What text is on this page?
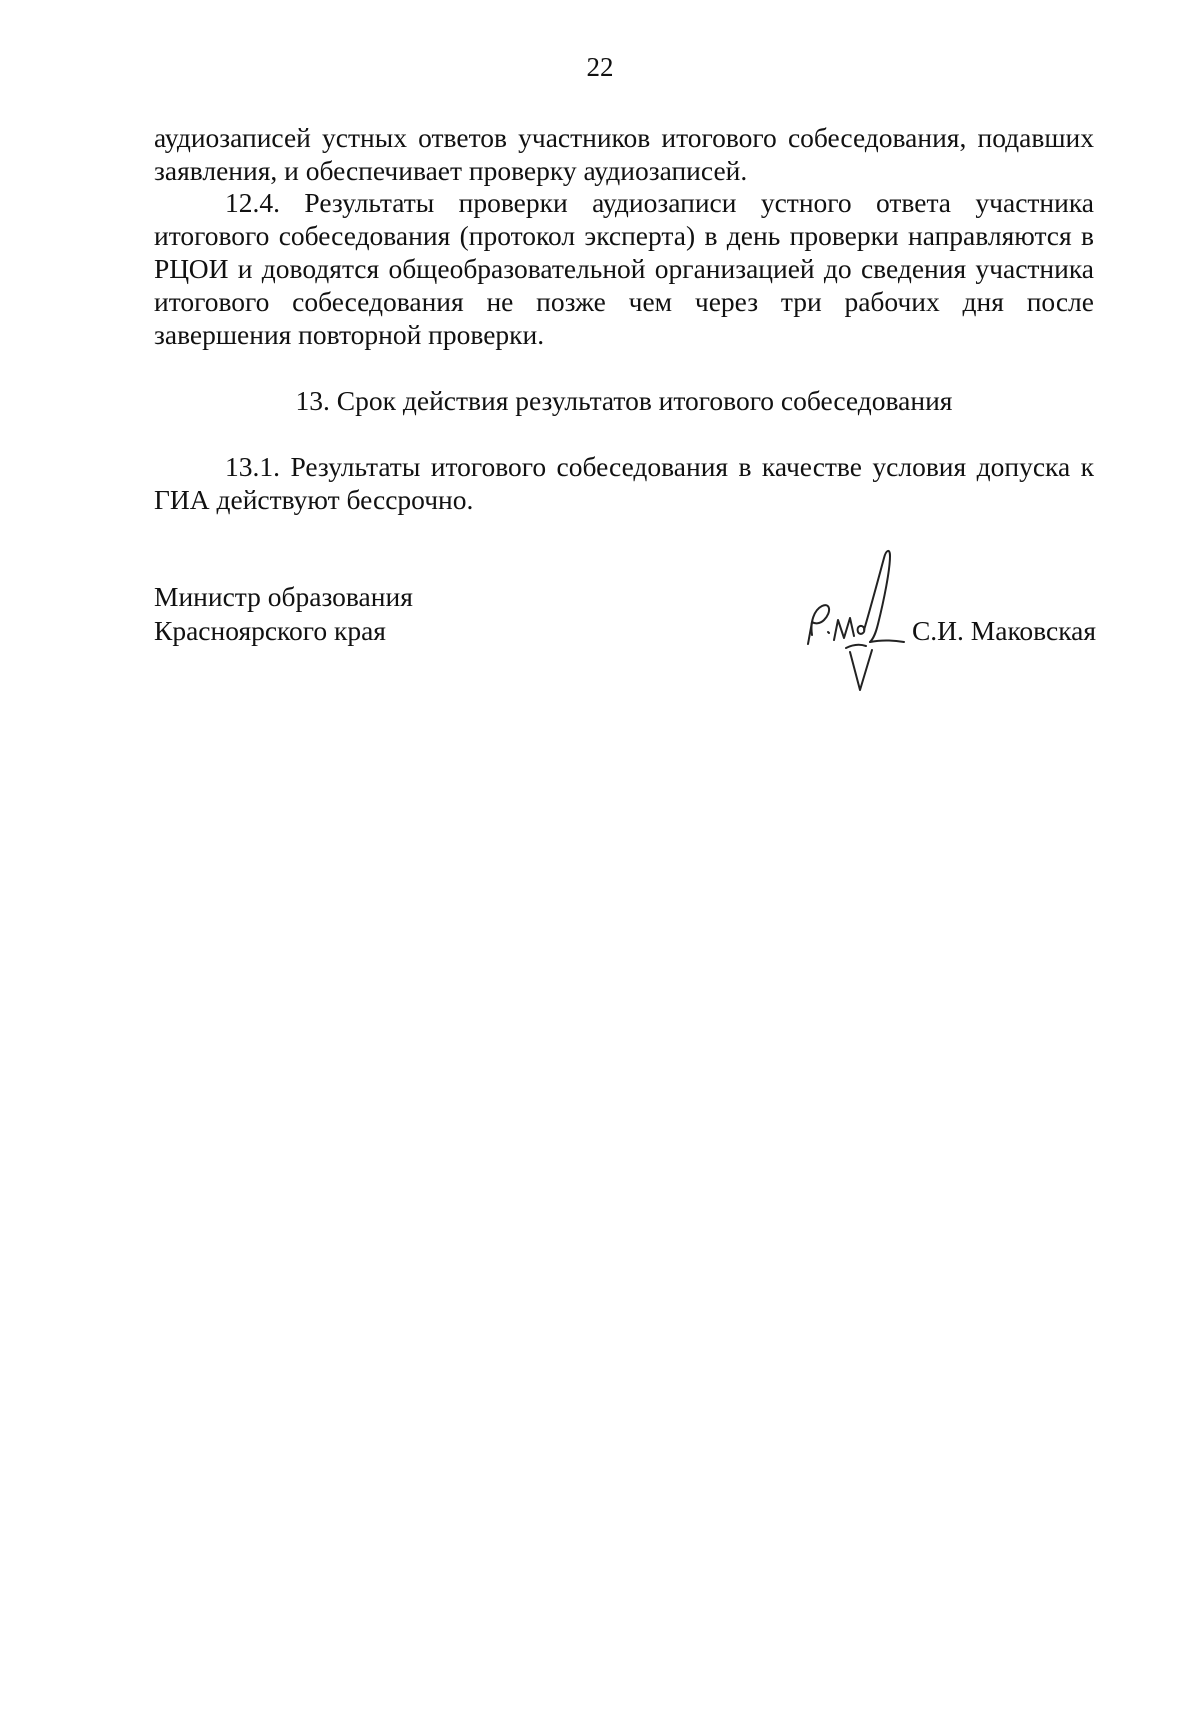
22
аудиозаписей устных ответов участников итогового собеседования, подавших заявления, и обеспечивает проверку аудиозаписей.
12.4. Результаты проверки аудиозаписи устного ответа участника итогового собеседования (протокол эксперта) в день проверки направляются в РЦОИ и доводятся общеобразовательной организацией до сведения участника итогового собеседования не позже чем через три рабочих дня после завершения повторной проверки.
13. Срок действия результатов итогового собеседования
13.1. Результаты итогового собеседования в качестве условия допуска к ГИА действуют бессрочно.
Министр образования
Красноярского края	С.И. Маковская
